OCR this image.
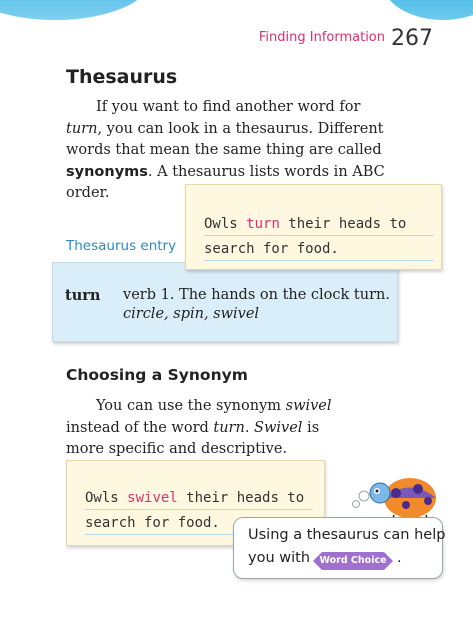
Finding Information 267
Thesaurus

If you want to find another word for turn, you can look in a thesaurus. Different words that mean the same thing are called synonyms. A thesaurus lists words in ABC order.

Thesaurus entry
turn verb 1. The hands on the clock turn.
circle, spin, swivel
Owls turn their heads to
search for food.
Choosing a Synonym

You can use the synonym swivel instead of the word turn. Swivel is more specific and descriptive.

Owls swivel their heads to
search for food.
Using a thesaurus can help
you with Word Choice .
